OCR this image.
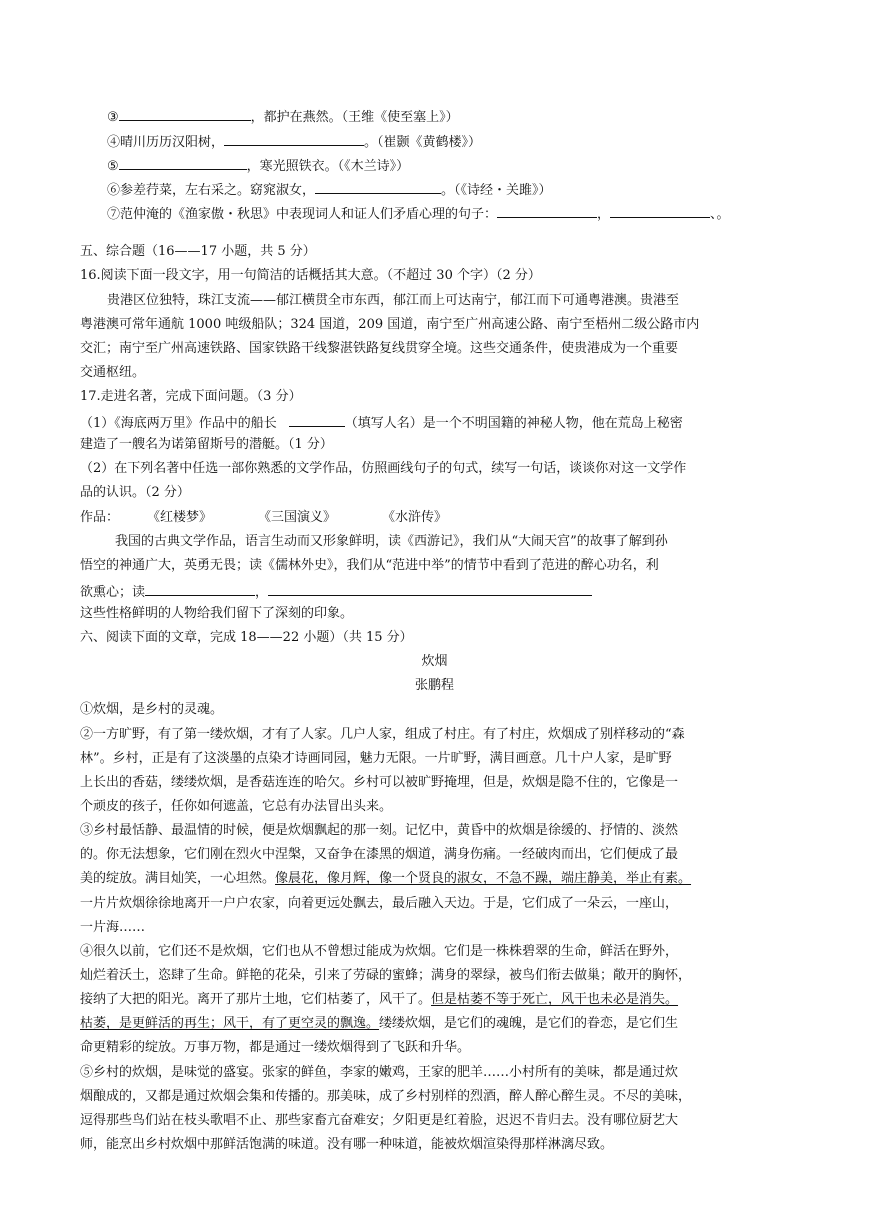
③	，都护在燕然。（王维《使至塞上》）
④晴川历历汉阳树，	。（崔颢《黄鹤楼》）
⑤	，寒光照铁衣。（《木兰诗》）
⑥参差荇菜，左右采之。窈窕淑女，	。（《诗经・关雎》）
⑦范仲淹的《渔家傲・秋思》中表现词人和证人们矛盾心理的句子：	，	、。
五、综合题（16——17 小题，共 5 分）
16.阅读下面一段文字，用一句简洁的话概括其大意。（不超过 30 个字）（2 分）
贵港区位独特，珠江支流——郁江横贯全市东西，郁江而上可达南宁，郁江而下可通粤港澳。贵港至
粤港澳可常年通航 1000 吨级船队；324 国道，209 国道，南宁至广州高速公路、南宁至梧州二级公路市内
交汇；南宁至广州高速铁路、国家铁路干线黎湛铁路复线贯穿全境。这些交通条件，使贵港成为一个重要
交通枢纽。
17.走进名著，完成下面问题。（3 分）
（1）《海底两万里》作品中的船长	（填写人名）是一个不明国籍的神秘人物，他在荒岛上秘密
建造了一艘名为诺第留斯号的潜艇。（1 分）
（2）在下列名著中任选一部你熟悉的文学作品，仿照画线句子的句式，续写一句话，谈谈你对这一文学作
品的认识。（2 分）
作品： 《红楼梦》	《三国演义》	《水浒传》
我国的古典文学作品，语言生动而又形象鲜明，读《西游记》，我们从“大闹天宫”的故事了解到孙
悟空的神通广大，英勇无畏；读《儒林外史》，我们从“范进中举”的情节中看到了范进的醉心功名，利
欲熏心；读	，
这些性格鲜明的人物给我们留下了深刻的印象。
六、阅读下面的文章，完成 18——22 小题）（共 15 分）
炊烟
张鹏程
①炊烟，是乡村的灵魂。
②一方旷野，有了第一缕炊烟，才有了人家。几户人家，组成了村庄。有了村庄，炊烟成了别样移动的“森
林”。乡村，正是有了这淡墨的点染才诗画同园，魅力无限。一片旷野，满目画意。几十户人家，是旷野
上长出的香菇，缕缕炊烟，是香菇连连的哈欠。乡村可以被旷野掩埋，但是，炊烟是隐不住的，它像是一
个顽皮的孩子，任你如何遮盖，它总有办法冒出头来。
③乡村最恬静、最温情的时候，便是炊烟飘起的那一刻。记忆中，黄昏中的炊烟是徐缓的、抒情的、淡然
的。你无法想象，它们刚在烈火中涅槃，又奋争在漆黑的烟道，满身伤痛。一经破肉而出，它们便成了最
美的绽放。满目灿笑，一心坦然。像晨花，像月辉，像一个贤良的淑女，不急不躁，端庄静美，举止有素。
一片片炊烟徐徐地离开一户户农家，向着更远处飘去，最后融入天边。于是，它们成了一朵云，一座山，
一片海……
④很久以前，它们还不是炊烟，它们也从不曾想过能成为炊烟。它们是一株株碧翠的生命，鲜活在野外，
灿烂着沃土，恣肆了生命。鲜艳的花朵，引来了劳碌的蜜蜂；满身的翠绿，被鸟们衔去做巢；敞开的胸怀，
接纳了大把的阳光。离开了那片土地，它们枯萎了，风干了。但是枯萎不等于死亡，风干也未必是消失。
枯萎，是更鲜活的再生；风干，有了更空灵的飘逸。缕缕炊烟，是它们的魂魄，是它们的眷恋，是它们生
命更精彩的绽放。万事万物，都是通过一缕炊烟得到了飞跃和升华。
⑤乡村的炊烟，是味觉的盛宴。张家的鲜鱼，李家的嫩鸡，王家的肥羊……小村所有的美味，都是通过炊
烟酿成的，又都是通过炊烟会集和传播的。那美味，成了乡村别样的烈酒，醉人醉心醉生灵。不尽的美味，
逗得那些鸟们站在枝头歌唱不止、那些家畜亢奋难安；夕阳更是红着脸，迟迟不肯归去。没有哪位厨艺大
师，能烹出乡村炊烟中那鲜活饱满的味道。没有哪一种味道，能被炊烟渲染得那样淋漓尽致。
